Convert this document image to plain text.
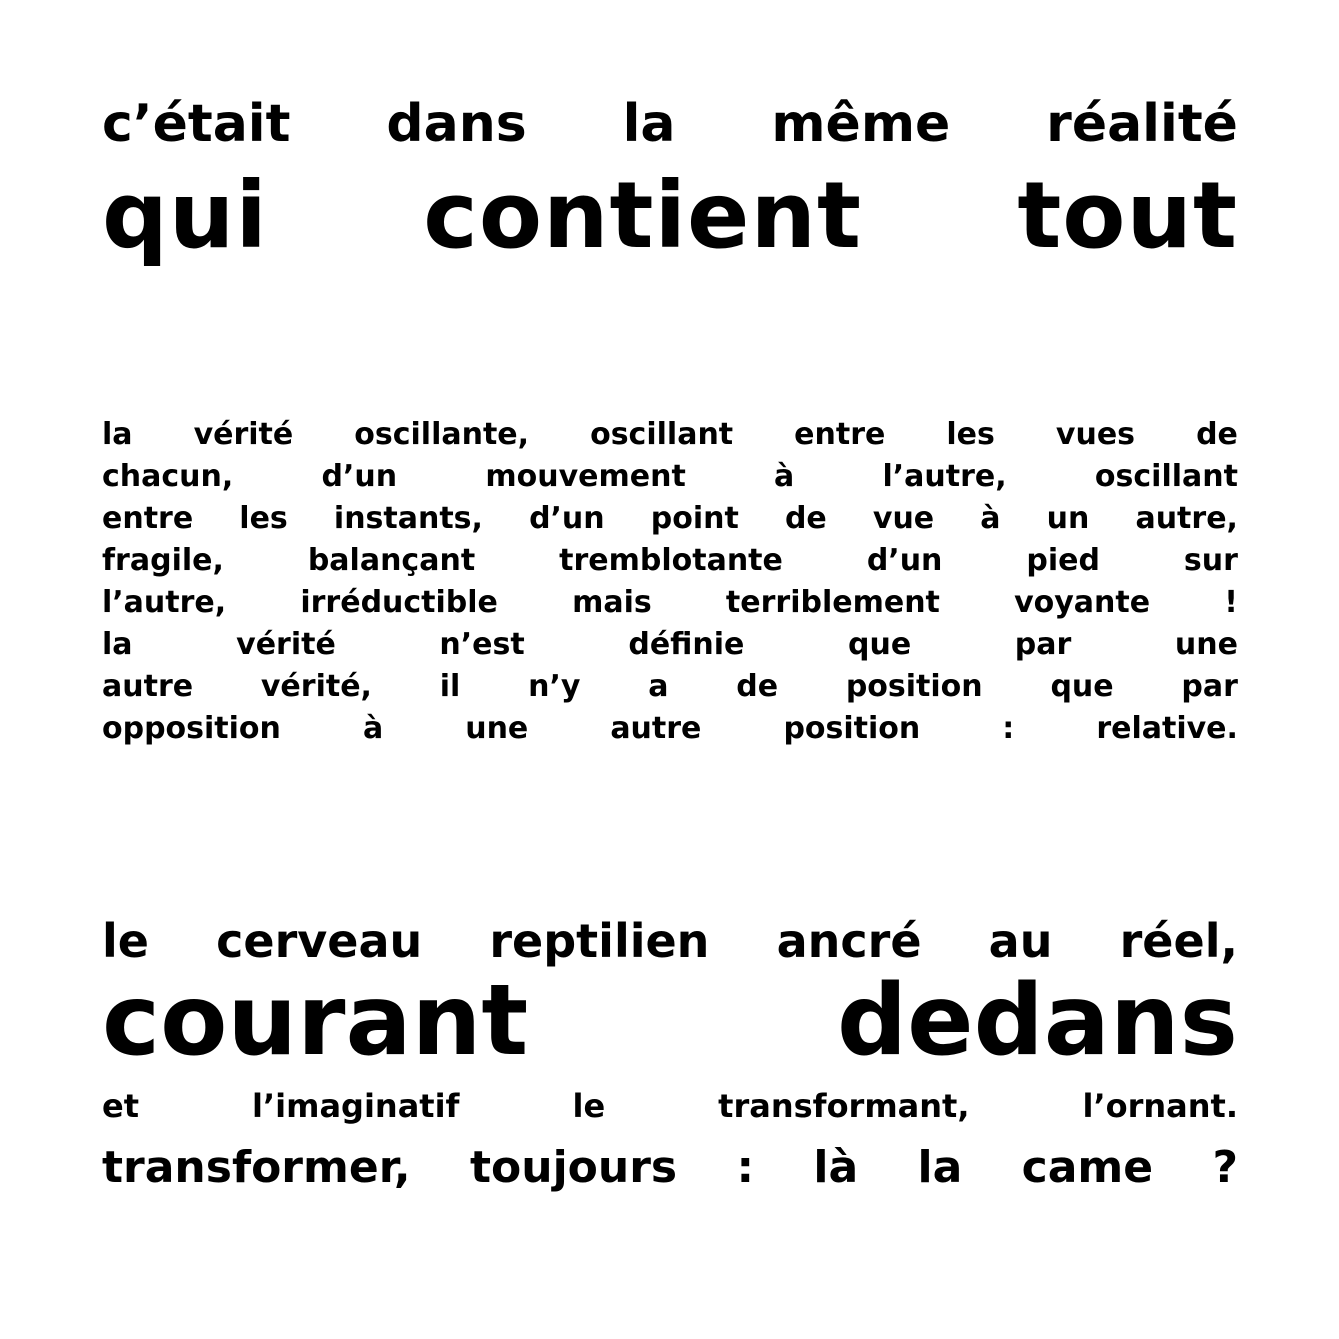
c’était dans la même réalité
qui contient tout
la vérité oscillante, oscillant entre les vues de
chacun,	d’un	mouvement	à	l’autre,	oscillant
entre les instants, d’un point de vue à un autre,
fragile,	balançant	tremblotante	d’un	pied	sur
l’autre, irréductible mais terriblement voyante !
la	vérité	n’est	définie	que	par	une
autre vérité, il n’y a de position que par
opposition	à	une	autre	position	:	relative.
le cerveau reptilien ancré au réel,
courant	dedans
et	l’imaginatif	le	transformant,	l’ornant.
transformer, toujours : là la came ?
